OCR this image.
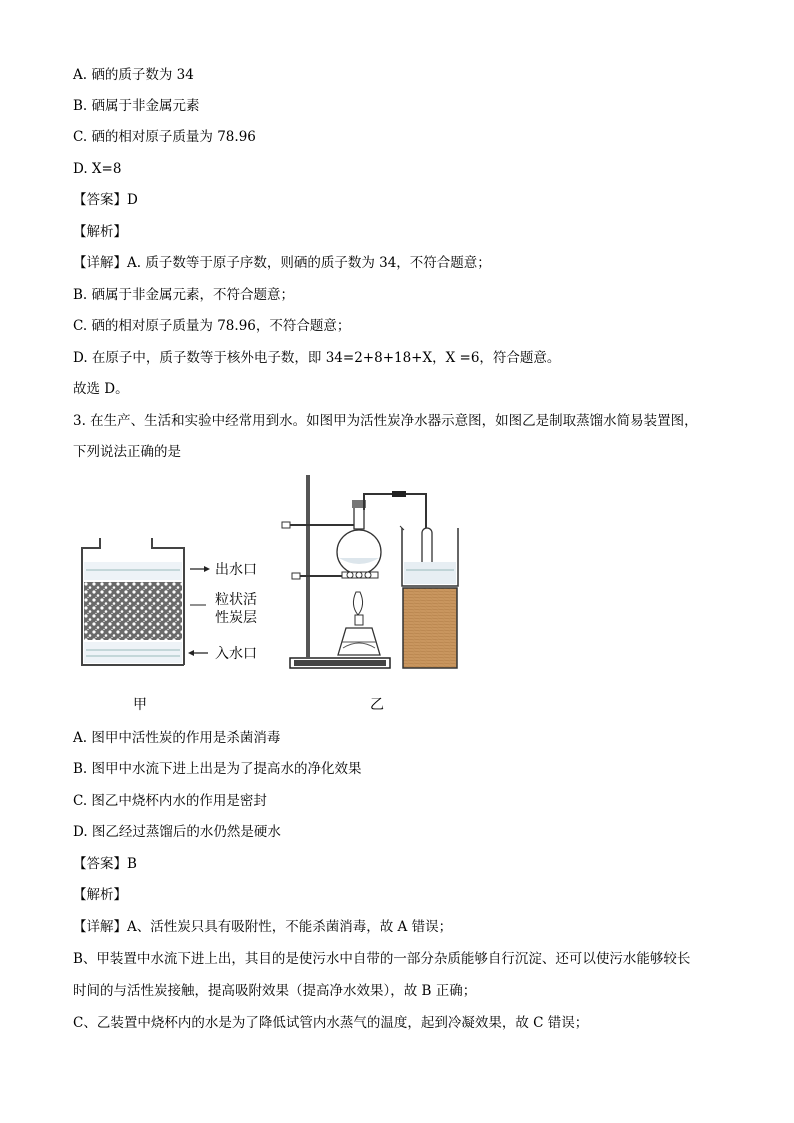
A. 硒的质子数为 34
B. 硒属于非金属元素
C. 硒的相对原子质量为 78.96
D. X=8
【答案】D
【解析】
【详解】A. 质子数等于原子序数，则硒的质子数为 34，不符合题意；
B. 硒属于非金属元素，不符合题意；
C. 硒的相对原子质量为 78.96，不符合题意；
D. 在原子中，质子数等于核外电子数，即 34=2+8+18+X，X =6，符合题意。
故选 D。
3. 在生产、生活和实验中经常用到水。如图甲为活性炭净水器示意图，如图乙是制取蒸馏水简易装置图，
下列说法正确的是
出水口
粒状活
性炭层
入水口
甲	乙
A. 图甲中活性炭的作用是杀菌消毒
B. 图甲中水流下进上出是为了提高水的净化效果
C. 图乙中烧杯内水的作用是密封
D. 图乙经过蒸馏后的水仍然是硬水
【答案】B
【解析】
【详解】A、活性炭只具有吸附性，不能杀菌消毒，故 A 错误；
B、甲装置中水流下进上出，其目的是使污水中自带的一部分杂质能够自行沉淀、还可以使污水能够较长
时间的与活性炭接触，提高吸附效果（提高净水效果），故 B 正确；
C、乙装置中烧杯内的水是为了降低试管内水蒸气的温度，起到冷凝效果，故 C 错误；
